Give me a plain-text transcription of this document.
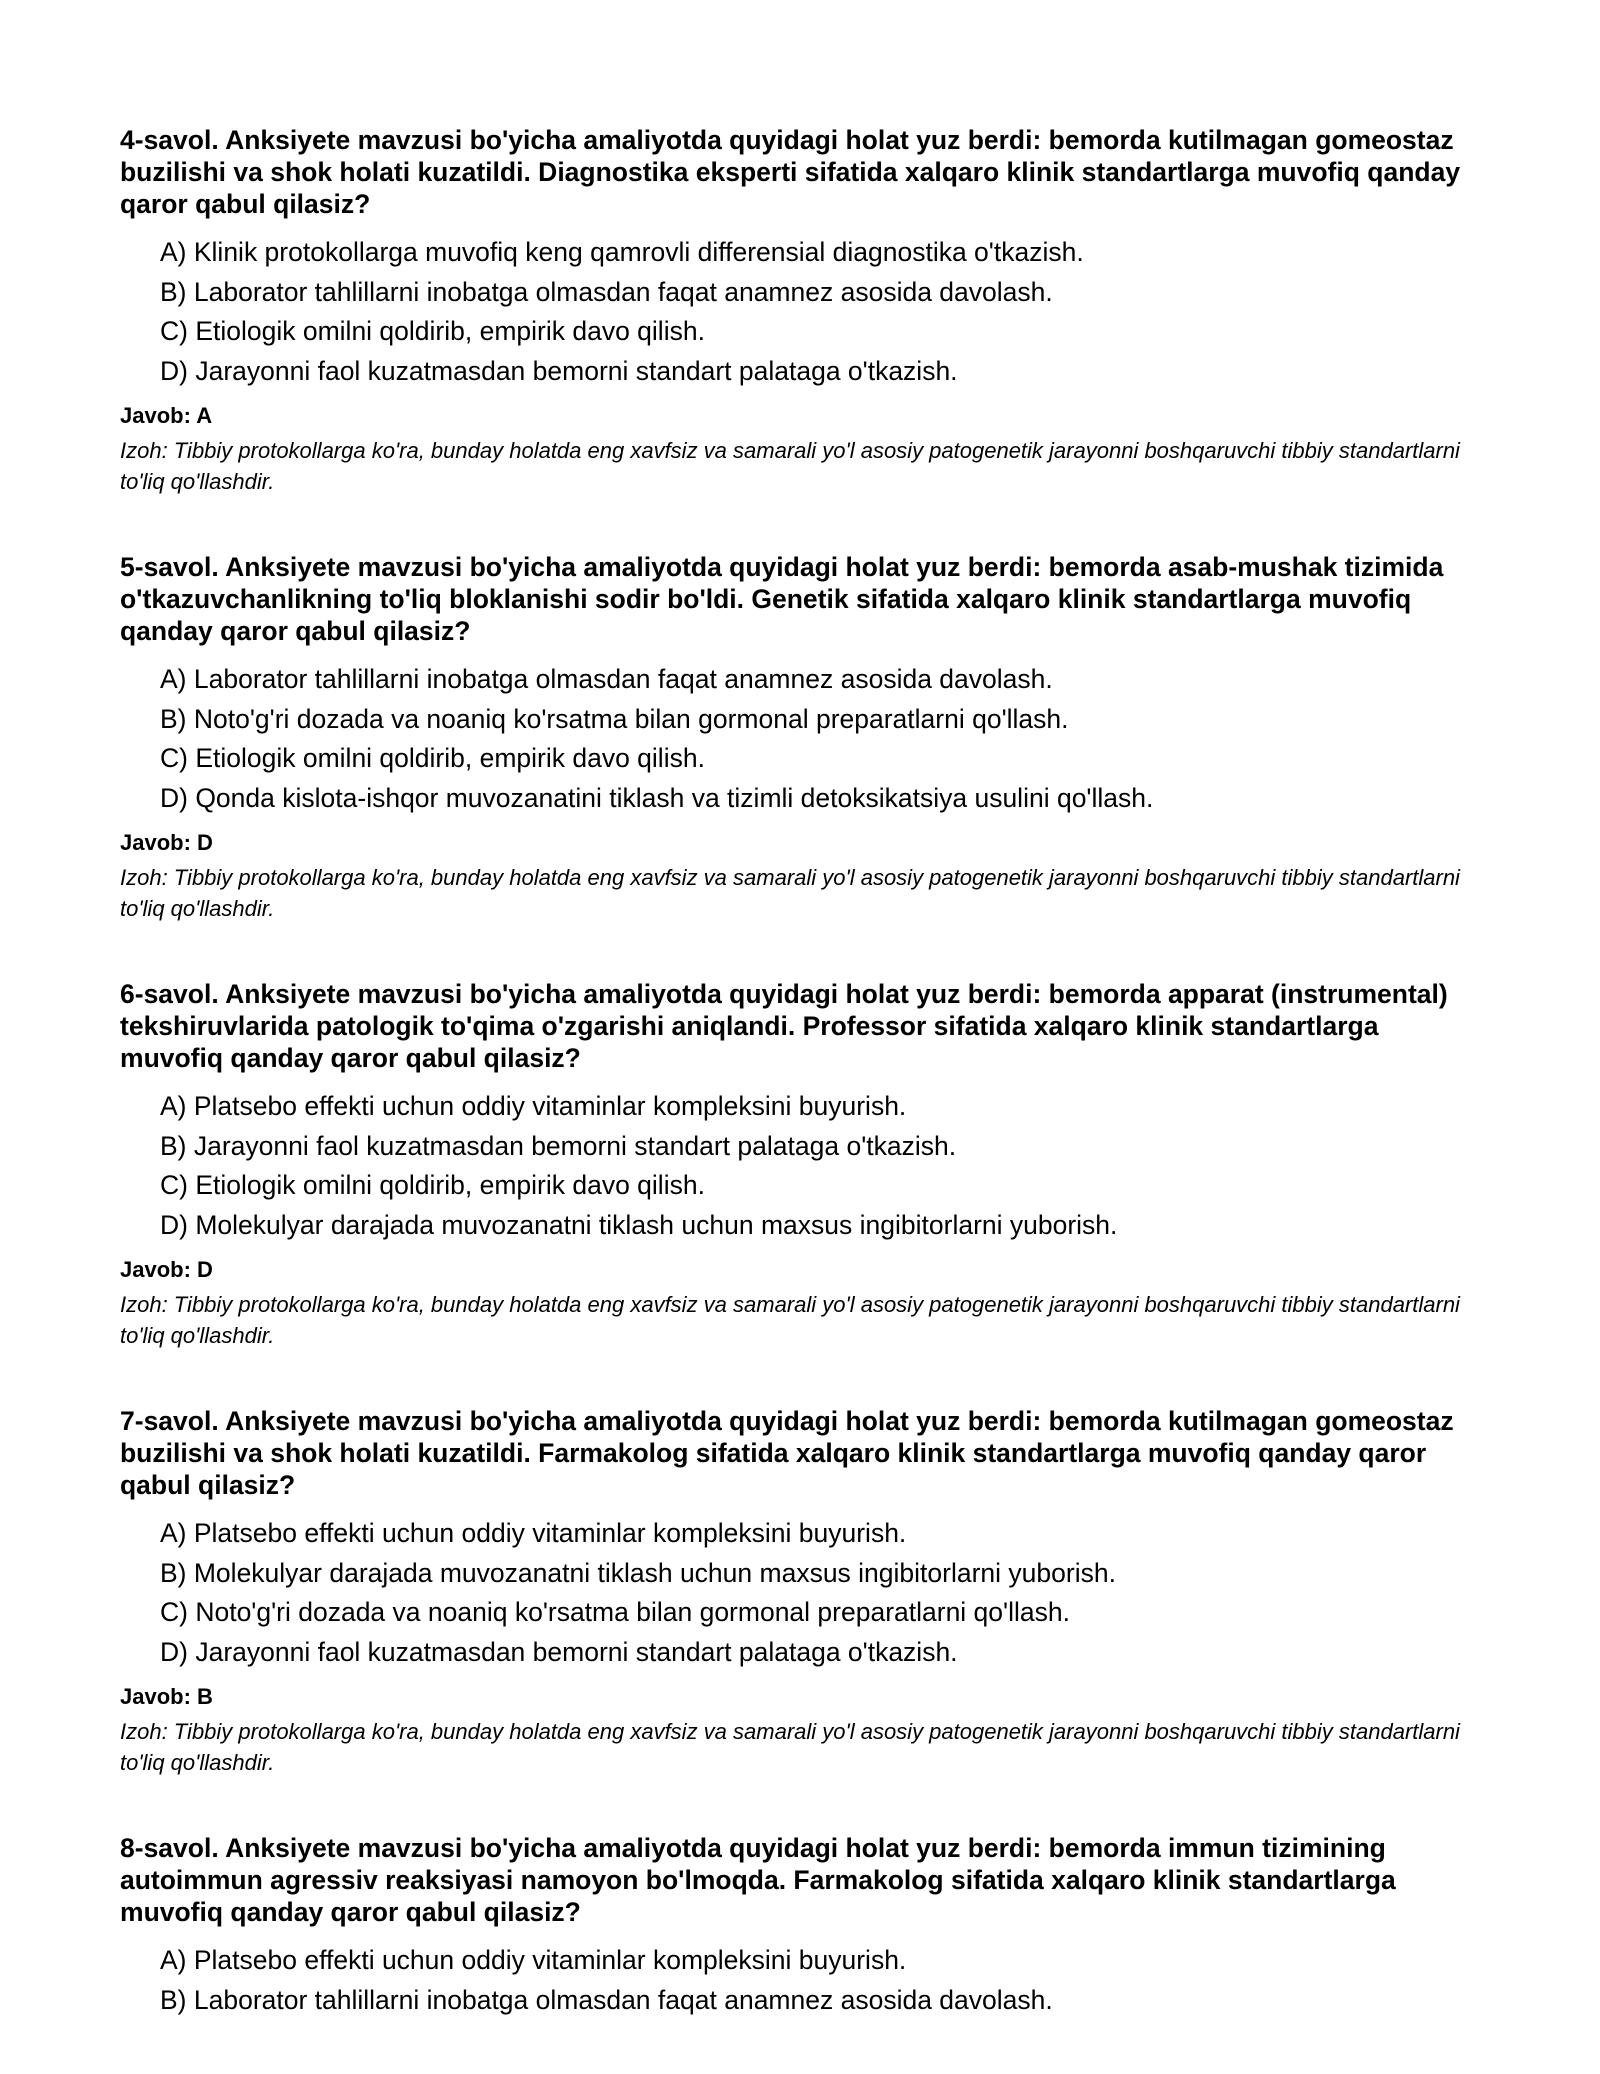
4-savol. Anksiyete mavzusi bo'yicha amaliyotda quyidagi holat yuz berdi: bemorda kutilmagan gomeostaz buzilishi va shok holati kuzatildi. Diagnostika eksperti sifatida xalqaro klinik standartlarga muvofiq qanday qaror qabul qilasiz?
A) Klinik protokollarga muvofiq keng qamrovli differensial diagnostika o'tkazish.
B) Laborator tahlillarni inobatga olmasdan faqat anamnez asosida davolash.
C) Etiologik omilni qoldirib, empirik davo qilish.
D) Jarayonni faol kuzatmasdan bemorni standart palataga o'tkazish.
Javob: A
Izoh: Tibbiy protokollarga ko'ra, bunday holatda eng xavfsiz va samarali yo'l asosiy patogenetik jarayonni boshqaruvchi tibbiy standartlarni to'liq qo'llashdir.
5-savol. Anksiyete mavzusi bo'yicha amaliyotda quyidagi holat yuz berdi: bemorda asab-mushak tizimida o'tkazuvchanlikning to'liq bloklanishi sodir bo'ldi. Genetik sifatida xalqaro klinik standartlarga muvofiq qanday qaror qabul qilasiz?
A) Laborator tahlillarni inobatga olmasdan faqat anamnez asosida davolash.
B) Noto'g'ri dozada va noaniq ko'rsatma bilan gormonal preparatlarni qo'llash.
C) Etiologik omilni qoldirib, empirik davo qilish.
D) Qonda kislota-ishqor muvozanatini tiklash va tizimli detoksikatsiya usulini qo'llash.
Javob: D
Izoh: Tibbiy protokollarga ko'ra, bunday holatda eng xavfsiz va samarali yo'l asosiy patogenetik jarayonni boshqaruvchi tibbiy standartlarni to'liq qo'llashdir.
6-savol. Anksiyete mavzusi bo'yicha amaliyotda quyidagi holat yuz berdi: bemorda apparat (instrumental) tekshiruvlarida patologik to'qima o'zgarishi aniqlandi. Professor sifatida xalqaro klinik standartlarga muvofiq qanday qaror qabul qilasiz?
A) Platsebo effekti uchun oddiy vitaminlar kompleksini buyurish.
B) Jarayonni faol kuzatmasdan bemorni standart palataga o'tkazish.
C) Etiologik omilni qoldirib, empirik davo qilish.
D) Molekulyar darajada muvozanatni tiklash uchun maxsus ingibitorlarni yuborish.
Javob: D
Izoh: Tibbiy protokollarga ko'ra, bunday holatda eng xavfsiz va samarali yo'l asosiy patogenetik jarayonni boshqaruvchi tibbiy standartlarni to'liq qo'llashdir.
7-savol. Anksiyete mavzusi bo'yicha amaliyotda quyidagi holat yuz berdi: bemorda kutilmagan gomeostaz buzilishi va shok holati kuzatildi. Farmakolog sifatida xalqaro klinik standartlarga muvofiq qanday qaror qabul qilasiz?
A) Platsebo effekti uchun oddiy vitaminlar kompleksini buyurish.
B) Molekulyar darajada muvozanatni tiklash uchun maxsus ingibitorlarni yuborish.
C) Noto'g'ri dozada va noaniq ko'rsatma bilan gormonal preparatlarni qo'llash.
D) Jarayonni faol kuzatmasdan bemorni standart palataga o'tkazish.
Javob: B
Izoh: Tibbiy protokollarga ko'ra, bunday holatda eng xavfsiz va samarali yo'l asosiy patogenetik jarayonni boshqaruvchi tibbiy standartlarni to'liq qo'llashdir.
8-savol. Anksiyete mavzusi bo'yicha amaliyotda quyidagi holat yuz berdi: bemorda immun tizimining autoimmun agressiv reaksiyasi namoyon bo'lmoqda. Farmakolog sifatida xalqaro klinik standartlarga muvofiq qanday qaror qabul qilasiz?
A) Platsebo effekti uchun oddiy vitaminlar kompleksini buyurish.
B) Laborator tahlillarni inobatga olmasdan faqat anamnez asosida davolash.
